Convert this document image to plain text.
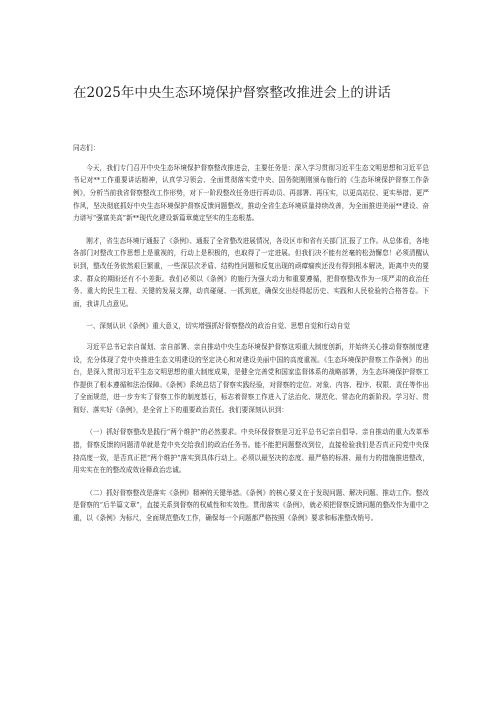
在2025年中央生态环境保护督察整改推进会上的讲话

同志们：

今天，我们专门召开中央生态环境保护督察整改推进会，主要任务是：深入学习贯彻习近平生态文明思想和习近平总书记对**工作重要讲话精神，认真学习领会、全面贯彻落实党中央、国务院刚刚颁布施行的《生态环境保护督察工作条例》，分析当前我省督察整改工作形势，对下一阶段整改任务进行再动员、再部署、再压实，以更高站位、更实举措、更严作风，坚决彻底抓好中央生态环境保护督察反馈问题整改，推动全省生态环境质量持续改善，为全面推进美丽**建设、奋力谱写“强富美高”新**现代化建设新篇章奠定坚实的生态根基。

刚才，省生态环境厅通报了《条例》、通报了全省整改进展情况，各设区市和省有关部门汇报了工作。从总体看，各地各部门对整改工作思想上是重视的，行动上是积极的，也取得了一定进展。但我们决不能有丝毫的松劲懈怠！必须清醒认识到，整改任务依然艰巨繁重，一些深层次矛盾、结构性问题和反复出现的顽瘴痼疾还没有得到根本解决，距离中央的要求、群众的期盼还有不小差距。我们必须以《条例》的施行为强大动力和重要遵循，把督察整改作为一项严肃的政治任务、重大的民生工程、关键的发展支撑，动真碰硬、一抓到底，确保交出经得起历史、实践和人民检验的合格答卷。下面，我讲几点意见。

一、深刻认识《条例》重大意义，切实增强抓好督察整改的政治自觉、思想自觉和行动自觉

习近平总书记亲自谋划、亲自部署、亲自推动中央生态环境保护督察这项重大制度创新，并始终关心推动督察制度建设，充分体现了党中央推进生态文明建设的坚定决心和对建设美丽中国的高度重视。《生态环境保护督察工作条例》的出台，是深入贯彻习近平生态文明思想的重大制度成果，是健全完善党和国家监督体系的战略部署，为生态环境保护督察工作提供了根本遵循和法治保障。《条例》系统总结了督察实践经验，对督察的定位、对象、内容、程序、权限、责任等作出了全面规范，进一步夯实了督察工作的制度基石，标志着督察工作进入了法治化、规范化、常态化的新阶段。学习好、贯彻好、落实好《条例》，是全省上下的重要政治责任。我们要深刻认识到：

（一）抓好督察整改是践行“两个维护”的必然要求。中央环保督察是习近平总书记亲自倡导、亲自推动的重大改革举措，督察反馈的问题清单就是党中央交给我们的政治任务书。能不能把问题整改到位，直接检验我们是否真正同党中央保持高度一致，是否真正把“两个维护”落实到具体行动上。必须以最坚决的态度、最严格的标准、最有力的措施推进整改，用实实在在的整改成效诠释政治忠诚。

（二）抓好督察整改是落实《条例》精神的关键举措。《条例》的核心要义在于发现问题、解决问题、推动工作。整改是督察的“后半篇文章”，直接关系到督察的权威性和实效性。贯彻落实《条例》，就必须把督察反馈问题的整改作为重中之重，以《条例》为标尺，全面规范整改工作，确保每一个问题都严格按照《条例》要求和标准整改销号。
